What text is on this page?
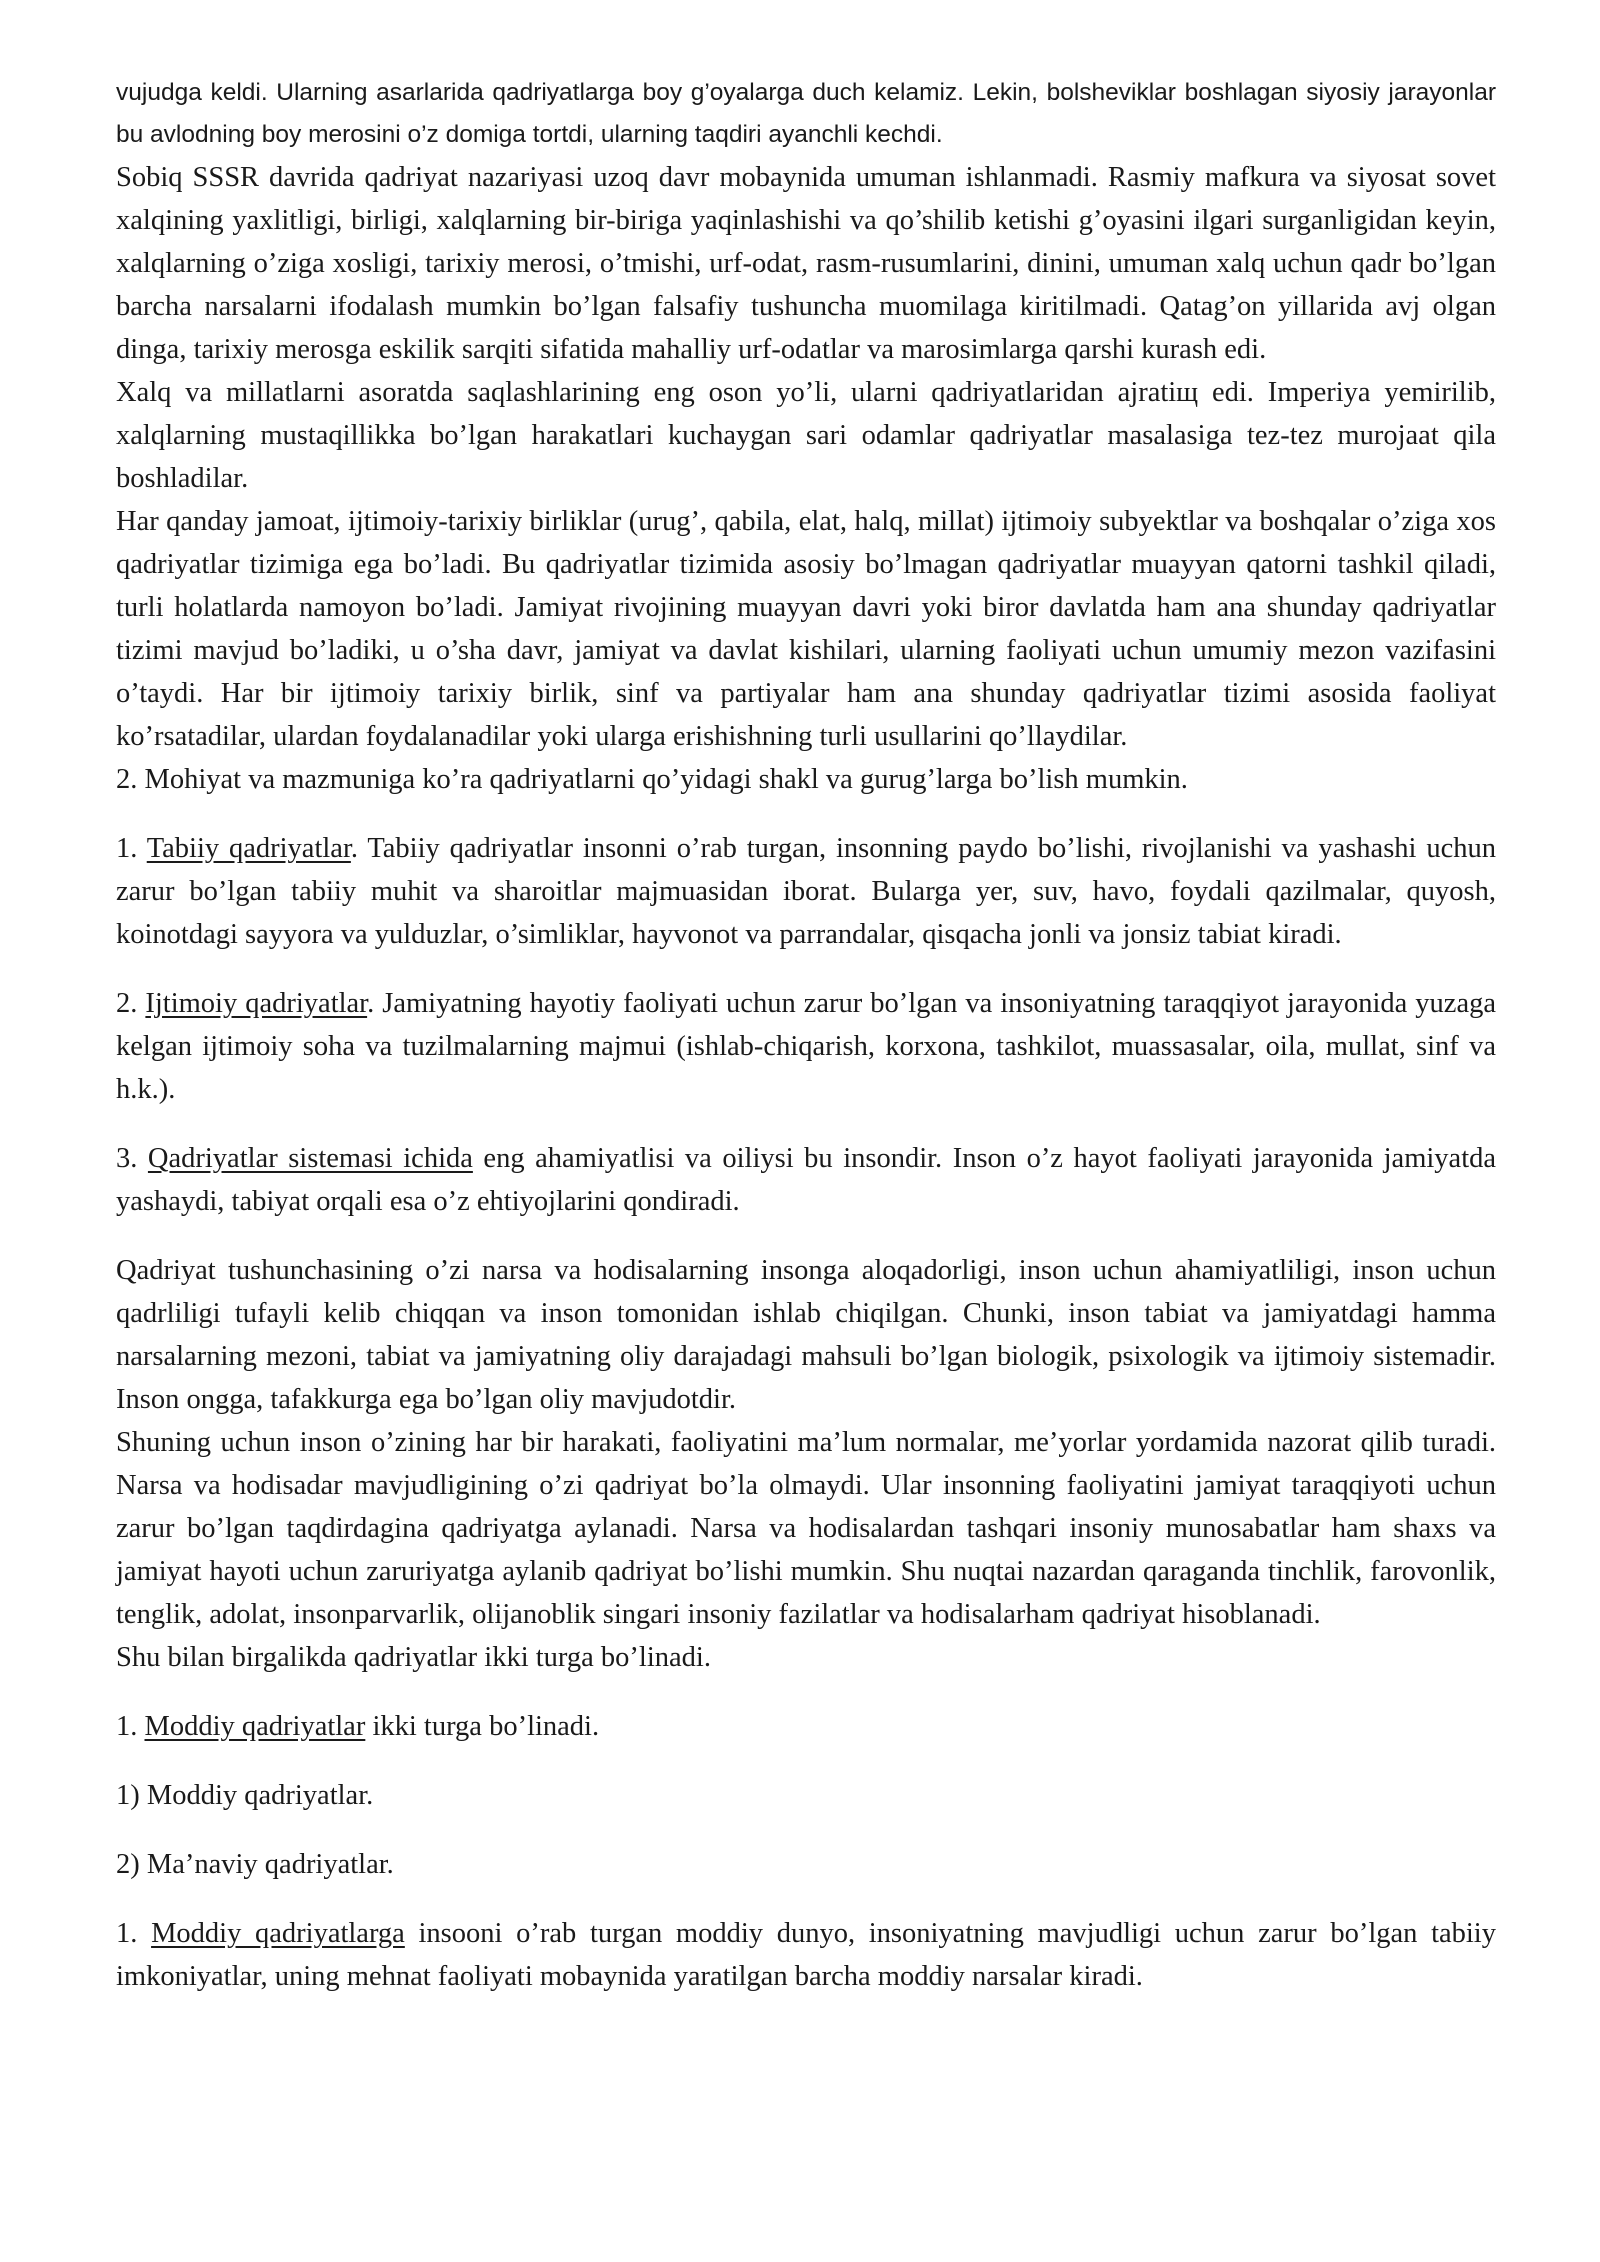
vujudga keldi. Ularning asarlarida qadriyatlarga boy g’oyalarga duch kelamiz. Lekin, bolsheviklar boshlagan siyosiy jarayonlar bu avlodning boy merosini o’z domiga tortdi, ularning taqdiri ayanchli kechdi.

Sobiq SSSR davrida qadriyat nazariyasi uzoq davr mobaynida umuman ishlanmadi. Rasmiy mafkura va siyosat sovet xalqining yaxlitligi, birligi, xalqlarning bir-biriga yaqinlashishi va qo’shilib ketishi g’oyasini ilgari surganligidan keyin, xalqlarning o’ziga xosligi, tarixiy merosi, o’tmishi, urf-odat, rasm-rusumlarini, dinini, umuman xalq uchun qadr bo’lgan barcha narsalarni ifodalash mumkin bo’lgan falsafiy tushuncha muomilaga kiritilmadi. Qatag’on yillarida avj olgan dinga, tarixiy merosga eskilik sarqiti sifatida mahalliy urf-odatlar va marosimlarga qarshi kurash edi.

Xalq va millatlarni asoratda saqlashlarining eng oson yo’li, ularni qadriyatlaridan ajratiщ edi. Imperiya yemirilib, xalqlarning mustaqillikka bo’lgan harakatlari kuchaygan sari odamlar qadriyatlar masalasiga tez-tez murojaat qila boshladilar.

Har qanday jamoat, ijtimoiy-tarixiy birliklar (urug’, qabila, elat, halq, millat) ijtimoiy subyektlar va boshqalar o’ziga xos qadriyatlar tizimiga ega bo’ladi. Bu qadriyatlar tizimida asosiy bo’lmagan qadriyatlar muayyan qatorni tashkil qiladi, turli holatlarda namoyon bo’ladi. Jamiyat rivojining muayyan davri yoki biror davlatda ham ana shunday qadriyatlar tizimi mavjud bo’ladiki, u o’sha davr, jamiyat va davlat kishilari, ularning faoliyati uchun umumiy mezon vazifasini o’taydi. Har bir ijtimoiy tarixiy birlik, sinf va partiyalar ham ana shunday qadriyatlar tizimi asosida faoliyat ko’rsatadilar, ulardan foydalanadilar yoki ularga erishishning turli usullarini qo’llaydilar.

2. Mohiyat va mazmuniga ko’ra qadriyatlarni qo’yidagi shakl va gurug’larga bo’lish mumkin.

1. Tabiiy qadriyatlar. Tabiiy qadriyatlar insonni o’rab turgan, insonning paydo bo’lishi, rivojlanishi va yashashi uchun zarur bo’lgan tabiiy muhit va sharoitlar majmuasidan iborat. Bularga yer, suv, havo, foydali qazilmalar, quyosh, koinotdagi sayyora va yulduzlar, o’simliklar, hayvonot va parrandalar, qisqacha jonli va jonsiz tabiat kiradi.

2. Ijtimoiy qadriyatlar. Jamiyatning hayotiy faoliyati uchun zarur bo’lgan va insoniyatning taraqqiyot jarayonida yuzaga kelgan ijtimoiy soha va tuzilmalarning majmui (ishlab-chiqarish, korxona, tashkilot, muassasalar, oila, mullat, sinf va h.k.).

3. Qadriyatlar sistemasi ichida eng ahamiyatlisi va oiliysi bu insondir. Inson o’z hayot faoliyati jarayonida jamiyatda yashaydi, tabiyat orqali esa o’z ehtiyojlarini qondiradi.

Qadriyat tushunchasining o’zi narsa va hodisalarning insonga aloqadorligi, inson uchun ahamiyatliligi, inson uchun qadrliligi tufayli kelib chiqqan va inson tomonidan ishlab chiqilgan. Chunki, inson tabiat va jamiyatdagi hamma narsalarning mezoni, tabiat va jamiyatning oliy darajadagi mahsuli bo’lgan biologik, psixologik va ijtimoiy sistemadir. Inson ongga, tafakkurga ega bo’lgan oliy mavjudotdir.

Shuning uchun inson o’zining har bir harakati, faoliyatini ma’lum normalar, me’yorlar yordamida nazorat qilib turadi. Narsa va hodisadar mavjudligining o’zi qadriyat bo’la olmaydi. Ular insonning faoliyatini jamiyat taraqqiyoti uchun zarur bo’lgan taqdirdagina qadriyatga aylanadi. Narsa va hodisalardan tashqari insoniy munosabatlar ham shaxs va jamiyat hayoti uchun zaruriyatga aylanib qadriyat bo’lishi mumkin. Shu nuqtai nazardan qaraganda tinchlik, farovonlik, tenglik, adolat, insonparvarlik, olijanoblik singari insoniy fazilatlar va hodisalarham qadriyat hisoblanadi.

Shu bilan birgalikda qadriyatlar ikki turga bo’linadi.

1. Moddiy qadriyatlar ikki turga bo’linadi.

1) Moddiy qadriyatlar.

2) Ma’naviy qadriyatlar.

1. Moddiy qadriyatlarga insooni o’rab turgan moddiy dunyo, insoniyatning mavjudligi uchun zarur bo’lgan tabiiy imkoniyatlar, uning mehnat faoliyati mobaynida yaratilgan barcha moddiy narsalar kiradi.
